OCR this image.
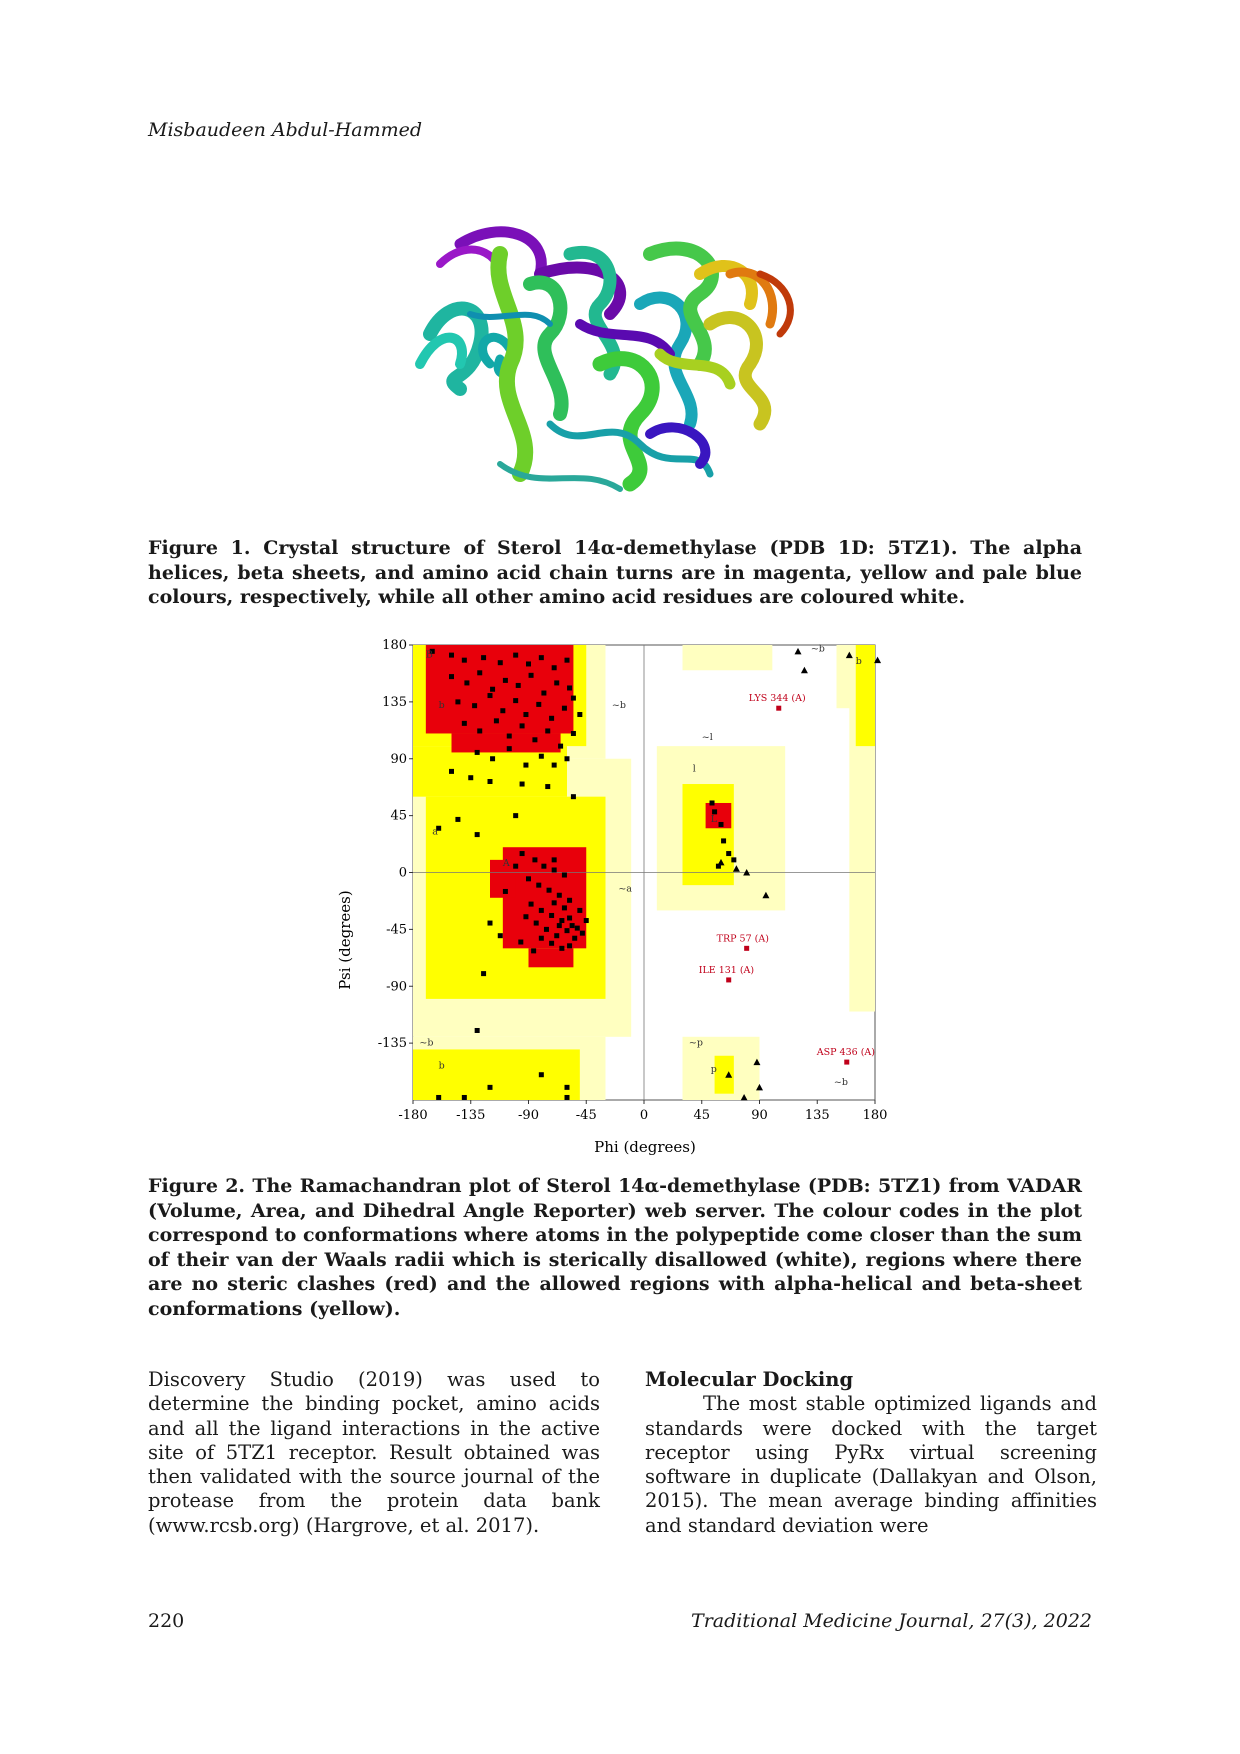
Misbaudeen Abdul-Hammed
Figure 1. Crystal structure of Sterol 14α-demethylase (PDB 1D: 5TZ1). The alpha helices, beta sheets, and amino acid chain turns are in magenta, yellow and pale blue colours, respectively, while all other amino acid residues are coloured white.
LYS 344 (A)
TRP 57 (A)
ILE 131 (A)
ASP 436 (A)
B
b	~b
~b
b
~l
l
L
a
A
~a
~b
b
~p
p
~b
-180 -135	-90	-45	0	45	90	135	180
180
135
90
45
0
-45
-90
-135
Phi (degrees)
Psi (degrees)
Figure 2. The Ramachandran plot of Sterol 14α-demethylase (PDB: 5TZ1) from VADAR (Volume, Area, and Dihedral Angle Reporter) web server. The colour codes in the plot correspond to conformations where atoms in the polypeptide come closer than the sum of their van der Waals radii which is sterically disallowed (white), regions where there are no steric clashes (red) and the allowed regions with alpha-helical and beta-sheet conformations (yellow).

Discovery Studio (2019) was used to determine the binding pocket, amino acids and all the ligand interactions in the active site of 5TZ1 receptor. Result obtained was then validated with the source journal of the protease from the protein data bank (www.rcsb.org) (Hargrove, et al. 2017).

Molecular Docking

The most stable optimized ligands and standards were docked with the target receptor using PyRx virtual screening software in duplicate (Dallakyan and Olson, 2015). The mean average binding affinities and standard deviation were

220	Traditional Medicine Journal, 27(3), 2022
